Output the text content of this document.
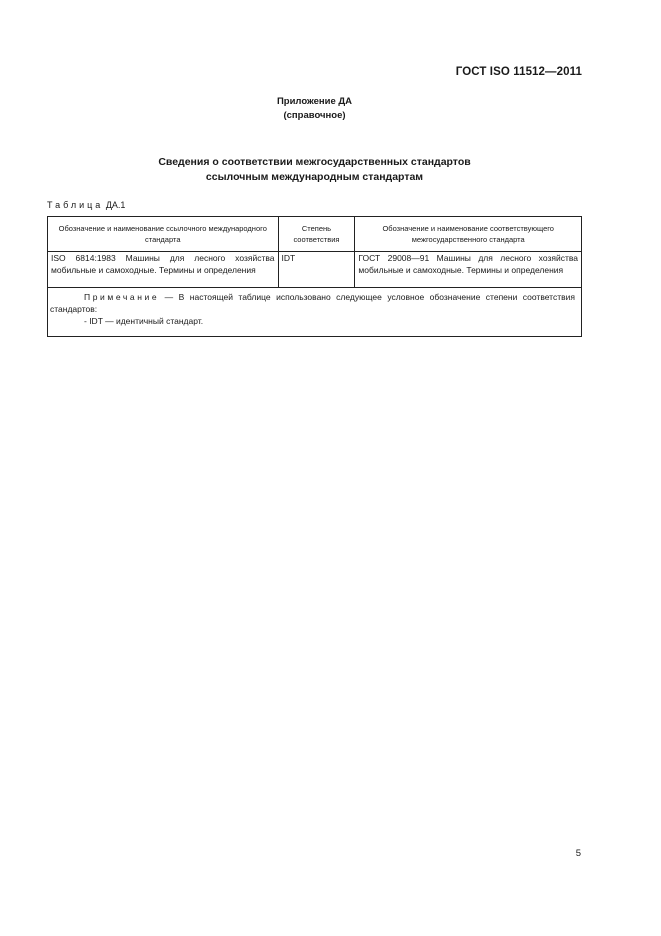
ГОСТ ISO 11512—2011
Приложение ДА
(справочное)
Сведения о соответствии межгосударственных стандартов
ссылочным международным стандартам
Таблица ДА.1
Обозначение и наименование ссылочного международного стандарта	Степень соответствия	Обозначение и наименование соответствующего межгосударственного стандарта
ISO 6814:1983 Машины для лесного хозяйства мобильные и самоходные. Термины и определения	IDT	ГОСТ 29008—91 Машины для лесного хозяйства мобильные и самоходные. Термины и определения

Примечание — В настоящей таблице использовано следующее условное обозначение степени соответствия стандартов:
- IDT — идентичный стандарт.		
5
